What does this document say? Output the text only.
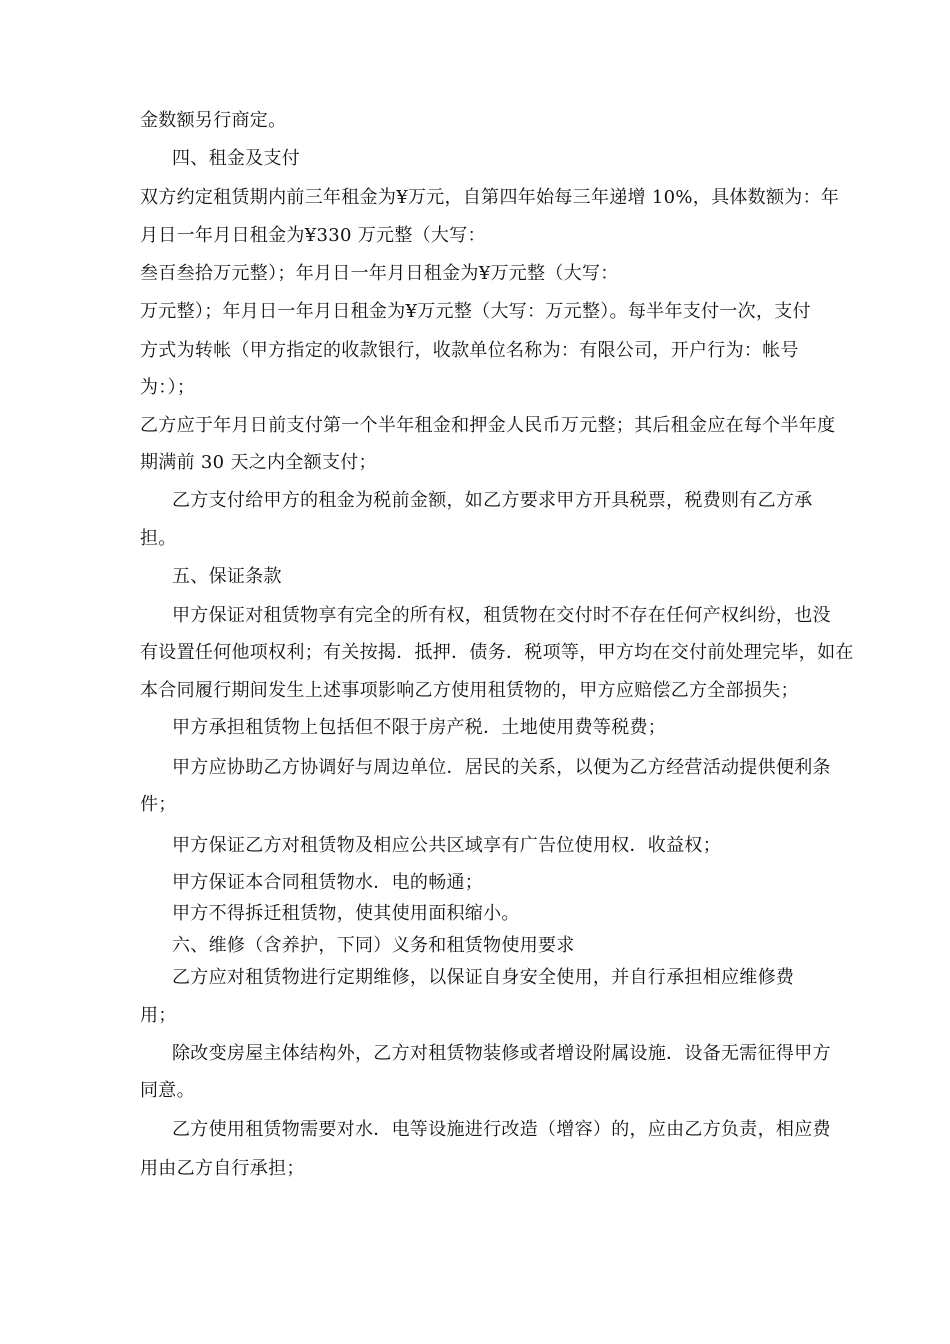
金数额另行商定。
四、租金及支付
双方约定租赁期内前三年租金为¥万元，自第四年始每三年递增 10%，具体数额为：年
月日一年月日租金为¥330 万元整（大写：
叁百叁拾万元整）；年月日一年月日租金为¥万元整（大写：
万元整）；年月日一年月日租金为¥万元整（大写：万元整）。每半年支付一次，支付
方式为转帐（甲方指定的收款银行，收款单位名称为：有限公司，开户行为：帐号
为：）；
乙方应于年月日前支付第一个半年租金和押金人民币万元整；其后租金应在每个半年度
期满前 30 天之内全额支付；
乙方支付给甲方的租金为税前金额，如乙方要求甲方开具税票，税费则有乙方承
担。
五、保证条款
甲方保证对租赁物享有完全的所有权，租赁物在交付时不存在任何产权纠纷，也没
有设置任何他项权利；有关按揭．抵押．债务．税项等，甲方均在交付前处理完毕，如在
本合同履行期间发生上述事项影响乙方使用租赁物的，甲方应赔偿乙方全部损失；
甲方承担租赁物上包括但不限于房产税．土地使用费等税费；
甲方应协助乙方协调好与周边单位．居民的关系，以便为乙方经营活动提供便利条
件；
甲方保证乙方对租赁物及相应公共区域享有广告位使用权．收益权；
甲方保证本合同租赁物水．电的畅通；
甲方不得拆迁租赁物，使其使用面积缩小。
六、维修（含养护，下同）义务和租赁物使用要求
乙方应对租赁物进行定期维修，以保证自身安全使用，并自行承担相应维修费
用；
除改变房屋主体结构外，乙方对租赁物装修或者增设附属设施．设备无需征得甲方
同意。
乙方使用租赁物需要对水．电等设施进行改造（增容）的，应由乙方负责，相应费
用由乙方自行承担；
